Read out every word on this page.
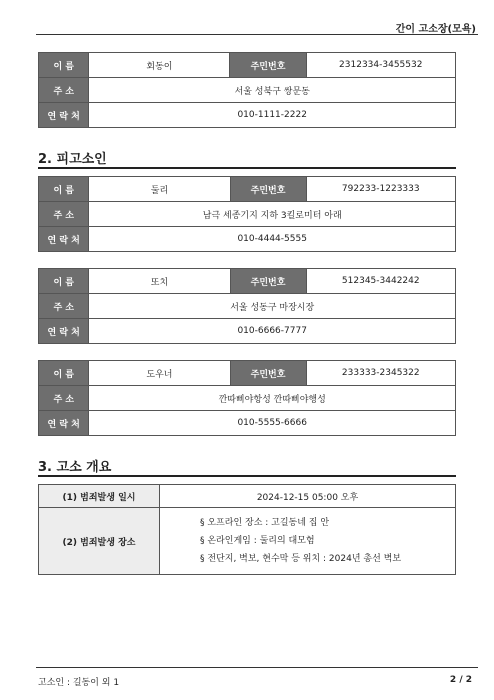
간이 고소장(모욕)
이 름	회동이	주민번호	2312334-3455532
주 소	서울 성북구 쌍문동		
연 락 처	010-1111-2222		
2. 피고소인
이 름	둘리	주민번호	792233-1223333
주 소	남극 세종기지 지하 3킬로미터 아래		
연 락 처	010-4444-5555		
이 름	또치	주민번호	512345-3442242
주 소	서울 성동구 마장시장		
연 락 처	010-6666-7777		
이 름	도우너	주민번호	233333-2345322
주 소	깐따삐야항성 깐따삐야행성		
연 락 처	010-5555-6666		
3. 고소 개요
(1) 범죄발생 일시	2024-12-15 05:00 오후
(2) 범죄발생 장소	§ 오프라인 장소 : 고길동네 집 안
§ 온라인게임 : 둘리의 대모험
§ 전단지, 벽보, 현수막 등 위치 : 2024년 총선 벽보
고소인 : 길동이 외 1	2 / 2
